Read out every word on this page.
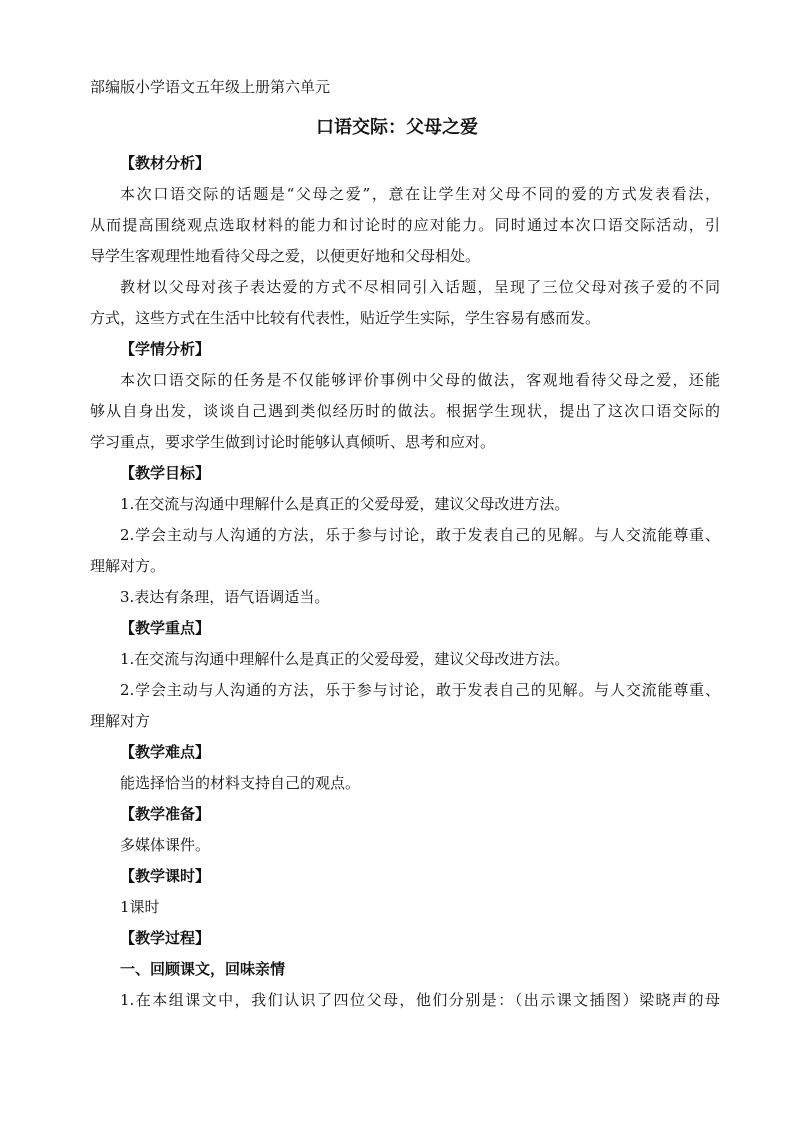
部编版小学语文五年级上册第六单元
口语交际：父母之爱
【教材分析】
本次口语交际的话题是“父母之爱”，意在让学生对父母不同的爱的方式发表看法，
从而提高围绕观点选取材料的能力和讨论时的应对能力。同时通过本次口语交际活动，引
导学生客观理性地看待父母之爱，以便更好地和父母相处。
教材以父母对孩子表达爱的方式不尽相同引入话题，呈现了三位父母对孩子爱的不同
方式，这些方式在生活中比较有代表性，贴近学生实际，学生容易有感而发。
【学情分析】
本次口语交际的任务是不仅能够评价事例中父母的做法，客观地看待父母之爱，还能
够从自身出发，谈谈自己遇到类似经历时的做法。根据学生现状，提出了这次口语交际的
学习重点，要求学生做到讨论时能够认真倾听、思考和应对。
【教学目标】
1.在交流与沟通中理解什么是真正的父爱母爱，建议父母改进方法。
2.学会主动与人沟通的方法，乐于参与讨论，敢于发表自己的见解。与人交流能尊重、
理解对方。
3.表达有条理，语气语调适当。
【教学重点】
1.在交流与沟通中理解什么是真正的父爱母爱，建议父母改进方法。
2.学会主动与人沟通的方法，乐于参与讨论，敢于发表自己的见解。与人交流能尊重、
理解对方
【教学难点】
能选择恰当的材料支持自己的观点。
【教学准备】
多媒体课件。
【教学课时】
1课时
【教学过程】
一、回顾课文，回味亲情
1.在本组课文中，我们认识了四位父母，他们分别是：（出示课文插图）梁晓声的母
